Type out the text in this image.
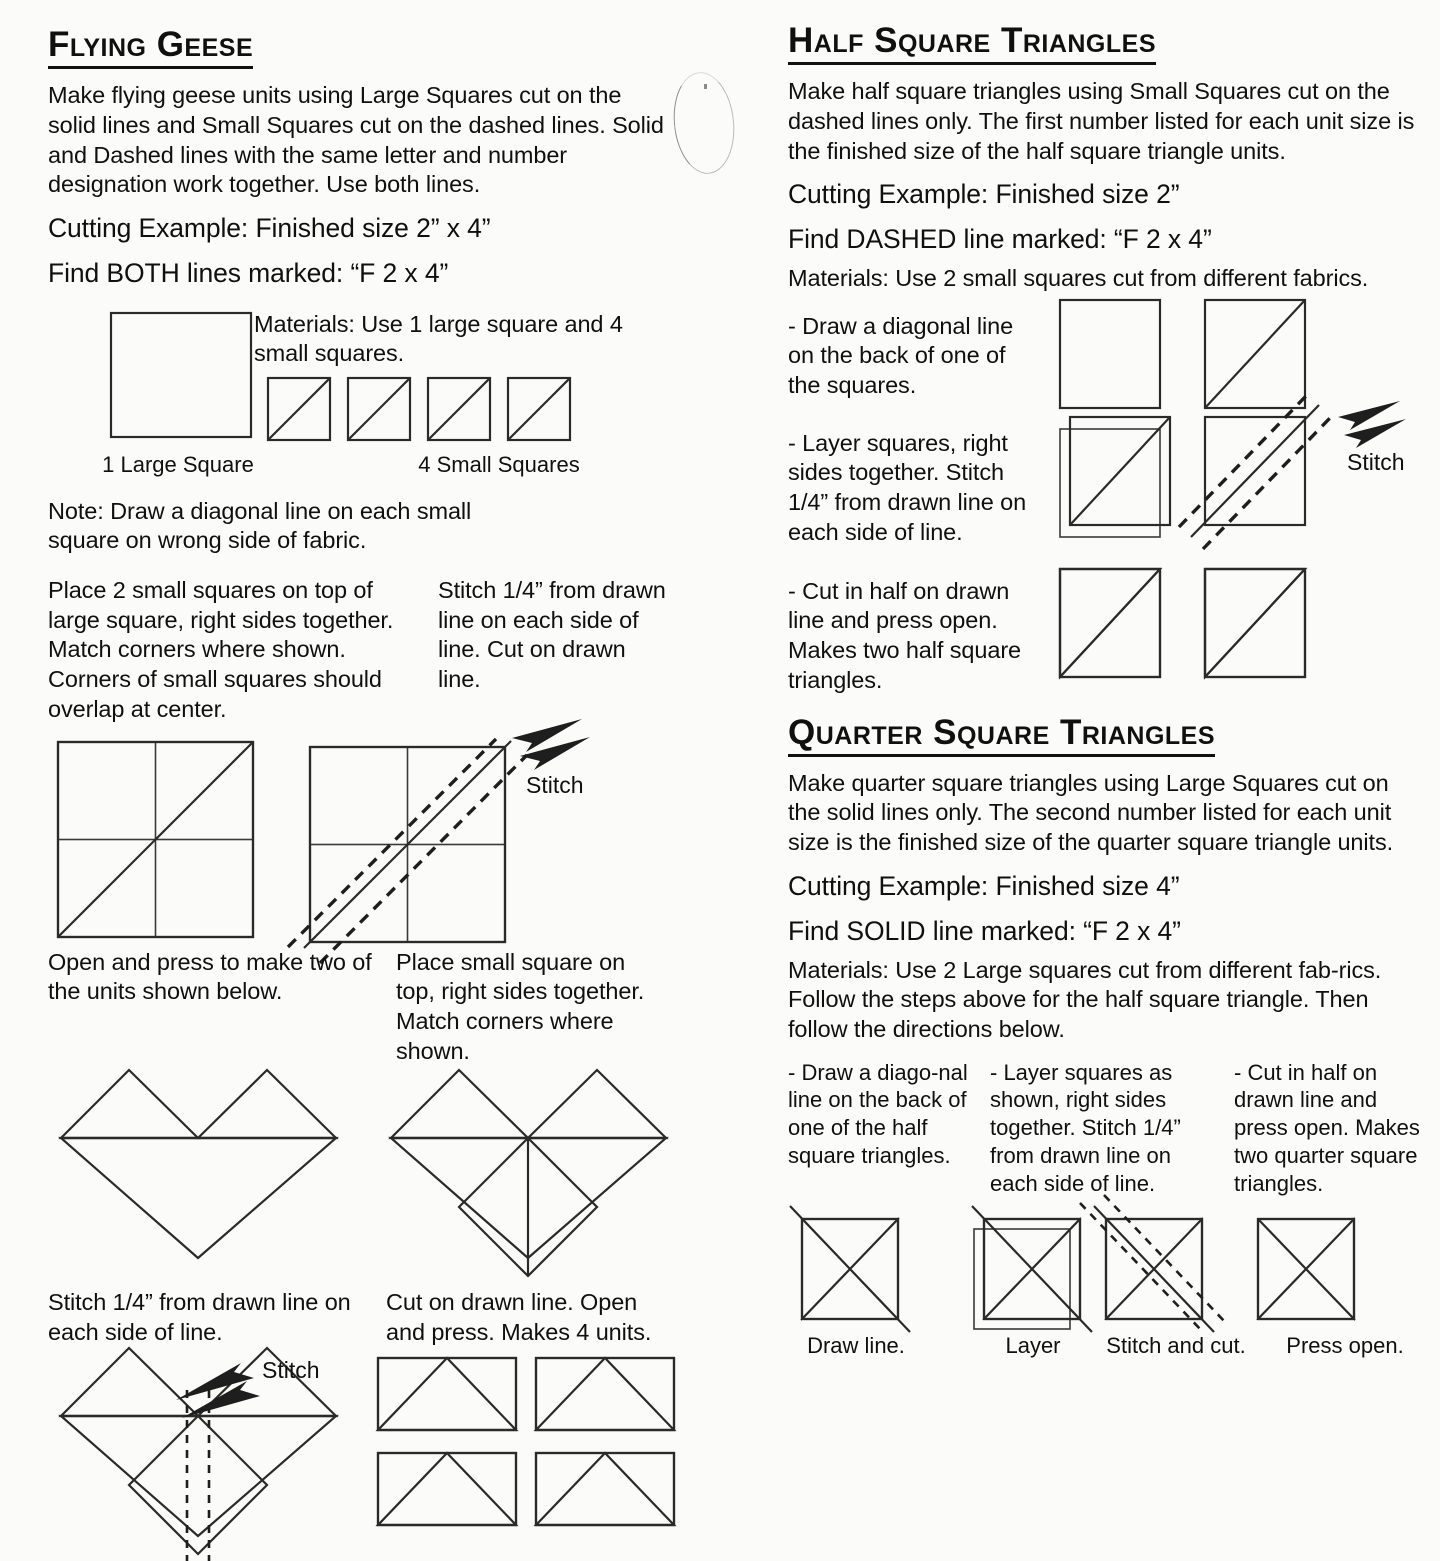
Flying Geese

Make flying geese units using Large Squares cut on the solid lines and Small Squares cut on the dashed lines. Solid and Dashed lines with the same letter and number designation work together. Use both lines.

Cutting Example: Finished size 2” x 4”

Find BOTH lines marked: “F 2 x 4”

Materials: Use 1 large square and 4 small squares.

1 Large Square	4 Small Squares

Note: Draw a diagonal line on each small square on wrong side of fabric.

Place 2 small squares on top of large square, right sides together. Match corners where shown. Corners of small squares should overlap at center.

Stitch 1/4” from drawn line on each side of line. Cut on drawn line.

Stitch

Open and press to make two of the units shown below.

Place small square on top, right sides together. Match corners where shown.

Stitch 1/4” from drawn line on each side of line.

Cut on drawn line. Open and press. Makes 4 units.

Stitch
Half Square Triangles

Make half square triangles using Small Squares cut on the dashed lines only. The first number listed for each unit size is the finished size of the half square triangle units.

Cutting Example: Finished size 2”

Find DASHED line marked: “F 2 x 4”

Materials: Use 2 small squares cut from different fabrics.

- Draw a diagonal line on the back of one of the squares.

- Layer squares, right sides together. Stitch 1/4” from drawn line on each side of line.

Stitch

- Cut in half on drawn line and press open. Makes two half square triangles.

Quarter Square Triangles

Make quarter square triangles using Large Squares cut on the solid lines only. The second number listed for each unit size is the finished size of the quarter square triangle units.

Cutting Example: Finished size 4”

Find SOLID line marked: “F 2 x 4”

Materials: Use 2 Large squares cut from different fab-rics. Follow the steps above for the half square triangle. Then follow the directions below.

- Draw a diago-nal line on the back of one of the half square triangles.

- Layer squares as shown, right sides together. Stitch 1/4” from drawn line on each side of line.

- Cut in half on drawn line and press open. Makes two quarter square triangles.

Draw line.	Layer	Stitch and cut.	Press open.
